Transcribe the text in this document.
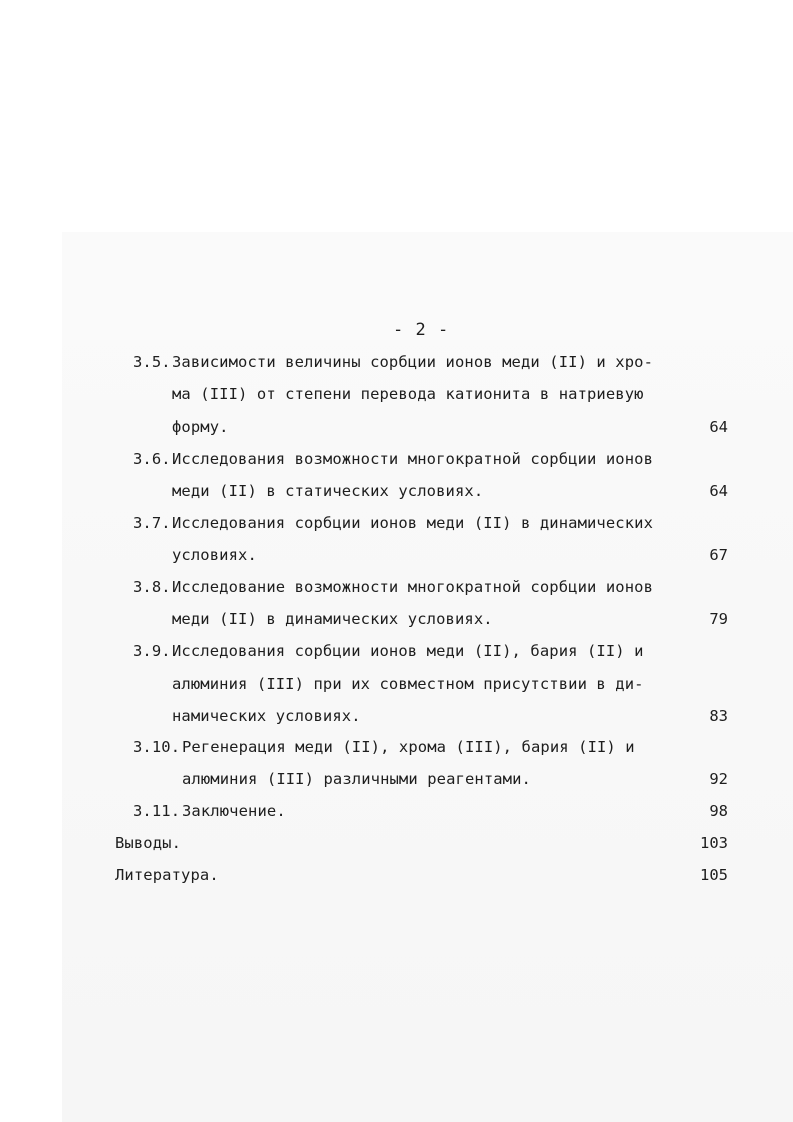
- 2 -
3.5. Зависимости величины сорбции ионов меди (II) и хро-
ма (III) от степени перевода катионита в натриевую
форму.	64
3.6. Исследования возможности многократной сорбции ионов
меди (II) в статических условиях.	64
3.7. Исследования сорбции ионов меди (II) в динамических
условиях.	67
3.8. Исследование возможности многократной сорбции ионов
меди (II) в динамических условиях.	79
3.9. Исследования сорбции ионов меди (II), бария (II) и
алюминия (III) при их совместном присутствии в ди-
намических условиях.	83
3.10. Регенерация меди (II), хрома (III), бария (II) и
алюминия (III) различными реагентами.	92
3.11. Заключение.	98
Выводы.	103
Литература.	105
